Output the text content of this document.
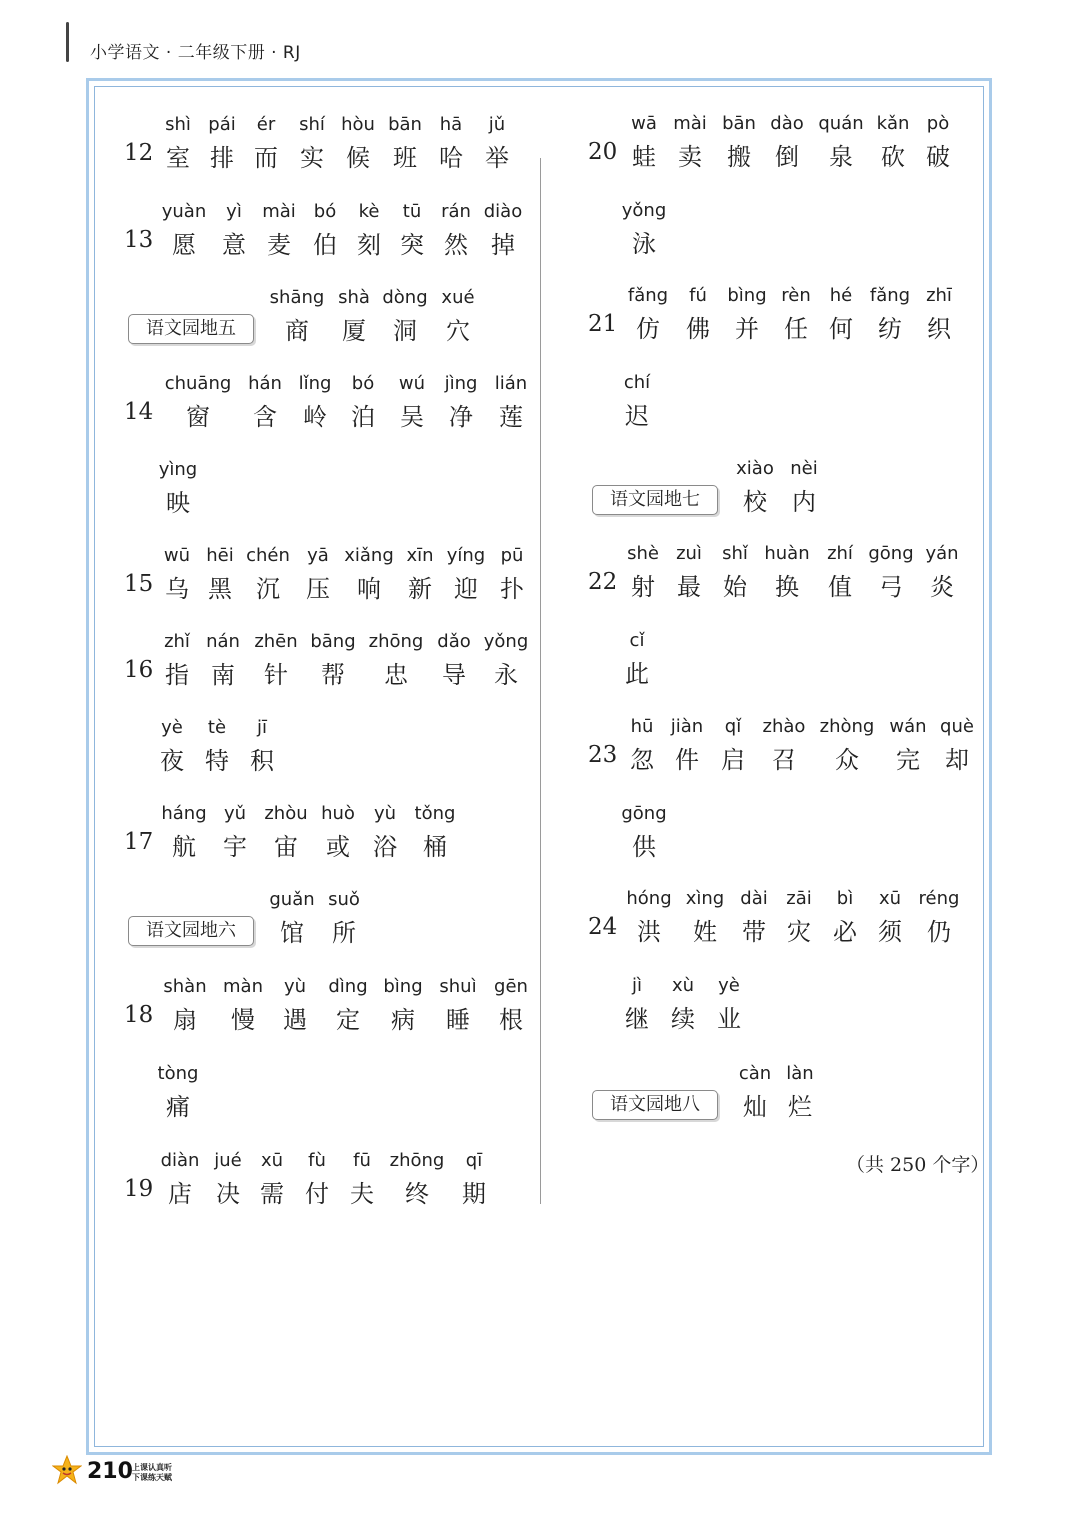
小学语文 · 二年级下册 · RJ
12
shì
室
pái
排
ér
而
shí
实
hòu
候
bān
班
hā
哈
jǔ
举
13
yuàn
愿
yì
意
mài
麦
bó
伯
kè
刻
tū
突
rán
然
diào
掉
语文园地五
shāng
商
shà
厦
dòng
洞
xué
穴
14
chuāng
窗
hán
含
lǐng
岭
bó
泊
wú
吴
jìng
净
lián
莲
yìng
映
15
wū
乌
hēi
黑
chén
沉
yā
压
xiǎng
响
xīn
新
yíng
迎
pū
扑
16
zhǐ
指
nán
南
zhēn
针
bāng
帮
zhōng
忠
dǎo
导
yǒng
永
yè
夜
tè
特
jī
积
17
háng
航
yǔ
宇
zhòu
宙
huò
或
yù
浴
tǒng
桶
语文园地六
guǎn
馆
suǒ
所
18
shàn
扇
màn
慢
yù
遇
dìng
定
bìng
病
shuì
睡
gēn
根
tòng
痛
19
diàn
店
jué
决
xū
需
fù
付
fū
夫
zhōng
终
qī
期
20
wā
蛙
mài
卖
bān
搬
dào
倒
quán
泉
kǎn
砍
pò
破
yǒng
泳
21
fǎng
仿
fú
佛
bìng
并
rèn
任
hé
何
fǎng
纺
zhī
织
chí
迟
语文园地七
xiào
校
nèi
内
22
shè
射
zuì
最
shǐ
始
huàn
换
zhí
值
gōng
弓
yán
炎
cǐ
此
23
hū
忽
jiàn
件
qǐ
启
zhào
召
zhòng
众
wán
完
què
却
gōng
供
24
hóng
洪
xìng
姓
dài
带
zāi
灾
bì
必
xū
须
réng
仍
jì
继
xù
续
yè
业
语文园地八
càn
灿
làn
烂
（共 250 个字）
210 上课认真听
下课练天赋
